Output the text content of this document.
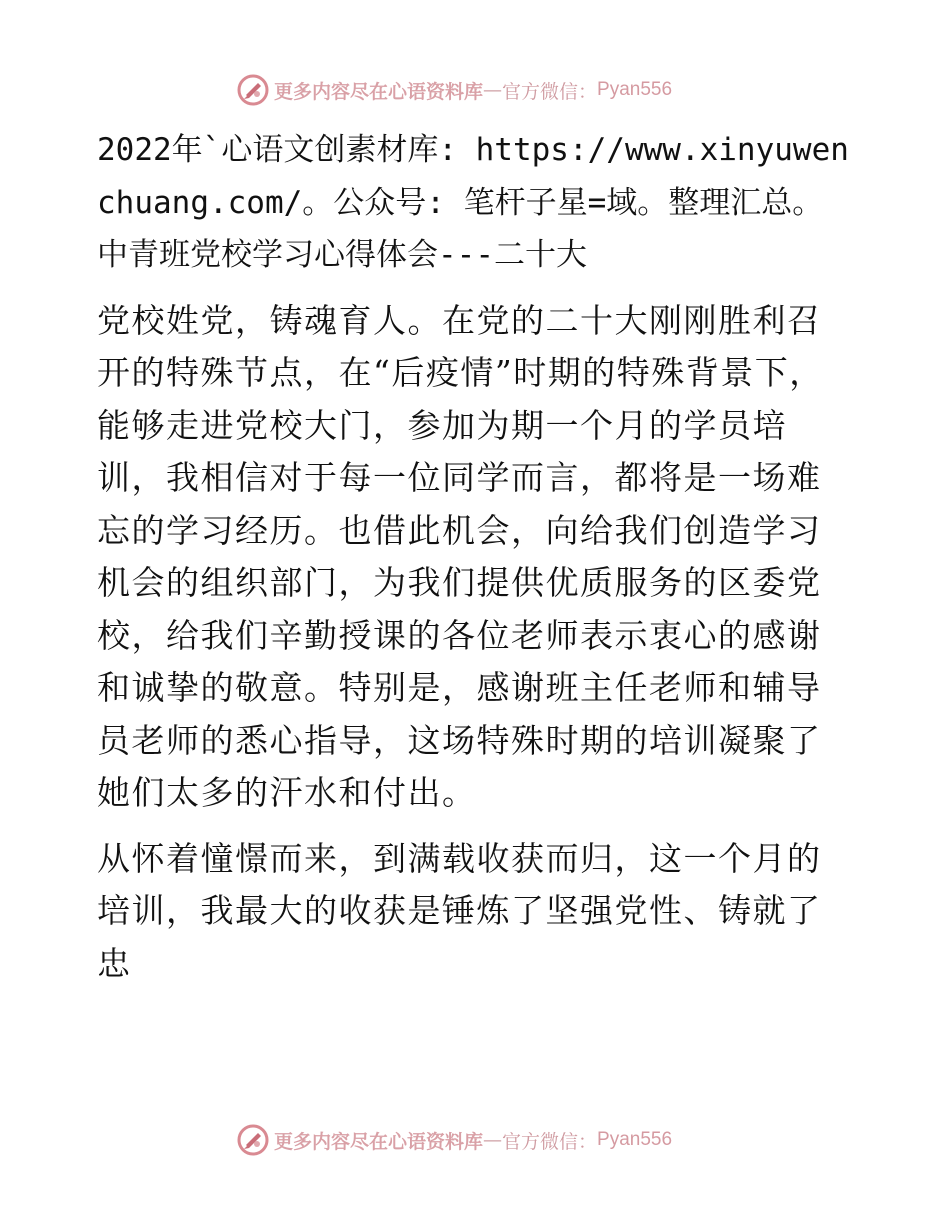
更多内容尽在心语资料库 — 官方微信： Pyan556

2022年`心语文创素材库: https://www.xinyuwenchuang.com/。公众号: 笔杆子星=域。整理汇总。中青班党校学习心得体会---二十大

党校姓党，铸魂育人。在党的二十大刚刚胜利召开的特殊节点，在“后疫情”时期的特殊背景下，能够走进党校大门，参加为期一个月的学员培训，我相信对于每一位同学而言，都将是一场难忘的学习经历。也借此机会，向给我们创造学习机会的组织部门，为我们提供优质服务的区委党校，给我们辛勤授课的各位老师表示衷心的感谢和诚挚的敬意。特别是，感谢班主任老师和辅导员老师的悉心指导，这场特殊时期的培训凝聚了她们太多的汗水和付出。

从怀着憧憬而来，到满载收获而归，这一个月的培训，我最大的收获是锤炼了坚强党性、铸就了忠

更多内容尽在心语资料库 — 官方微信： Pyan556
